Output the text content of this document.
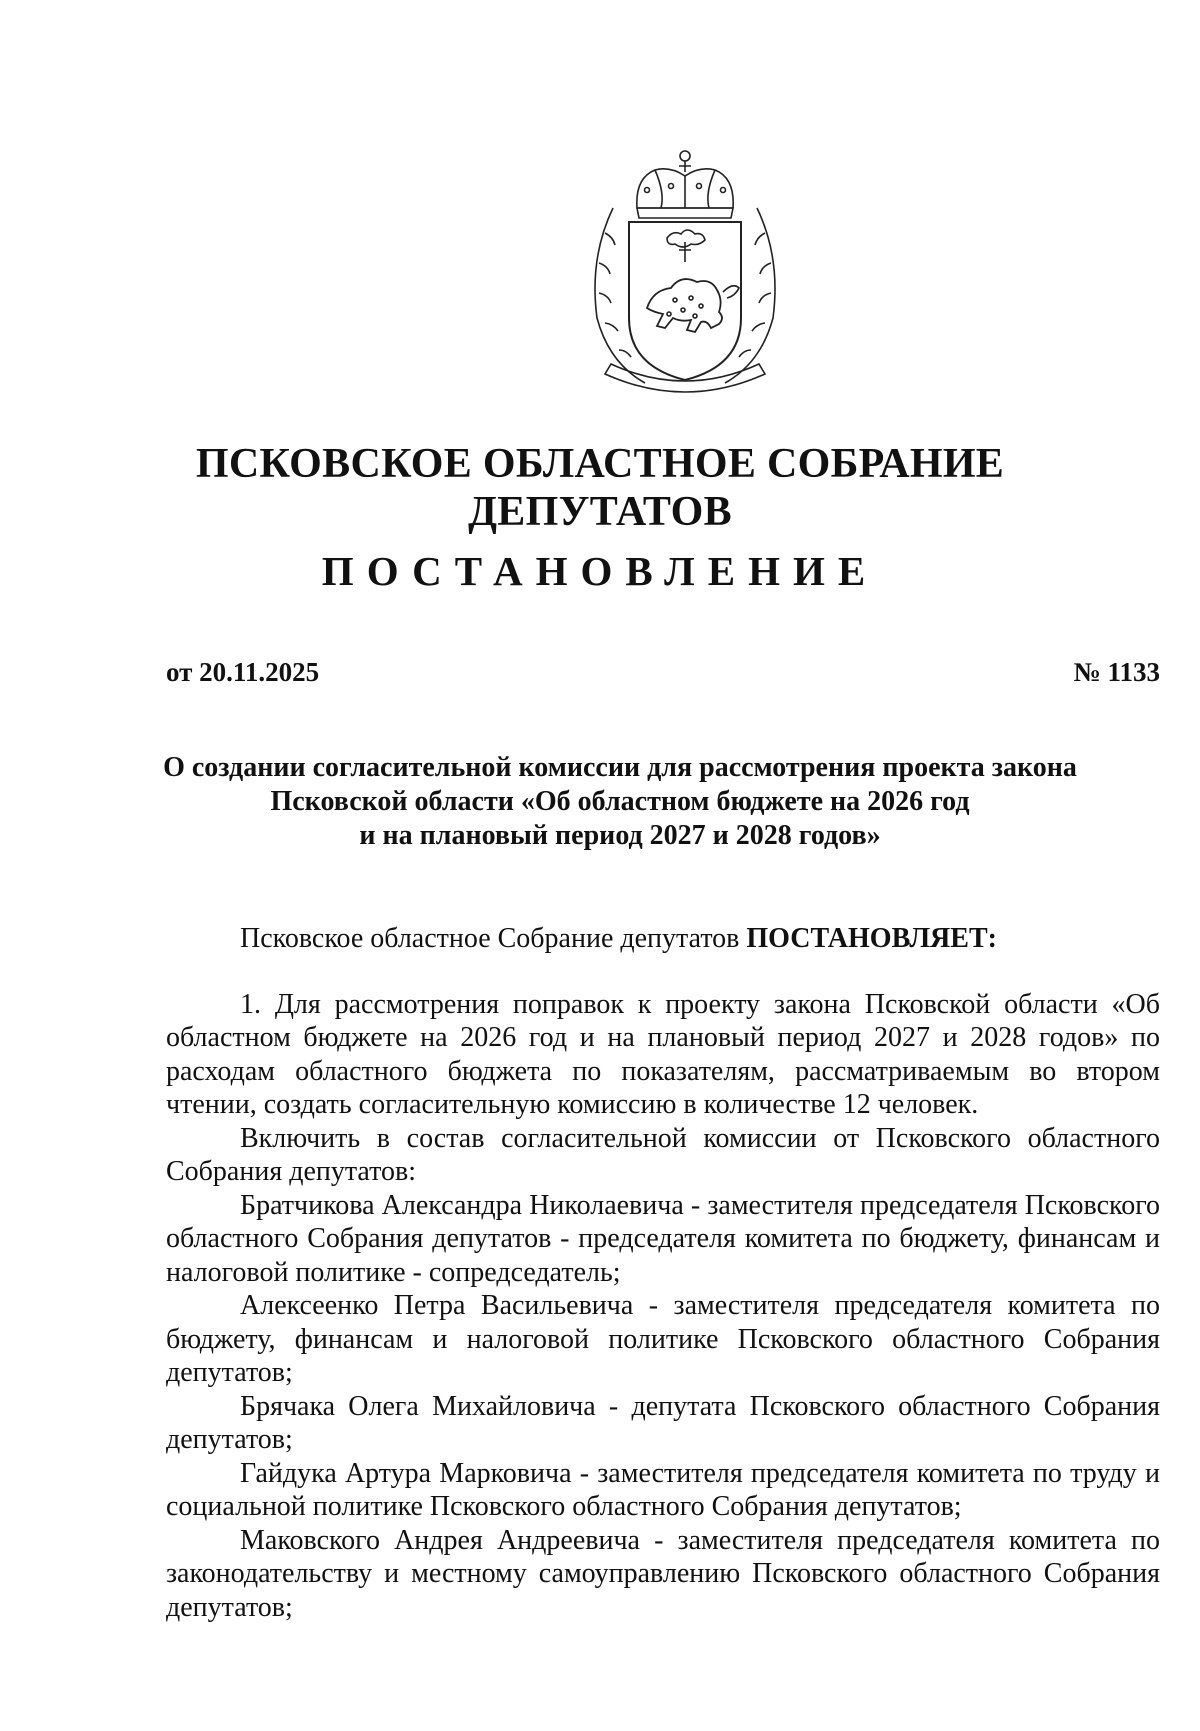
ПСКОВСКОЕ ОБЛАСТНОЕ СОБРАНИЕ ДЕПУТАТОВ
ПОСТАНОВЛЕНИЕ
от 20.11.2025	№ 1133
О создании согласительной комиссии для рассмотрения проекта закона
Псковской области «Об областном бюджете на 2026 год
и на плановый период 2027 и 2028 годов»

Псковское областное Собрание депутатов ПОСТАНОВЛЯЕТ:

1. Для рассмотрения поправок к проекту закона Псковской области «Об областном бюджете на 2026 год и на плановый период 2027 и 2028 годов» по расходам областного бюджета по показателям, рассматриваемым во втором чтении, создать согласительную комиссию в количестве 12 человек.

Включить в состав согласительной комиссии от Псковского областного Собрания депутатов:

Братчикова Александра Николаевича - заместителя председателя Псковского областного Собрания депутатов - председателя комитета по бюджету, финансам и налоговой политике - сопредседатель;

Алексеенко Петра Васильевича - заместителя председателя комитета по бюджету, финансам и налоговой политике Псковского областного Собрания депутатов;

Брячака Олега Михайловича - депутата Псковского областного Собрания депутатов;

Гайдука Артура Марковича - заместителя председателя комитета по труду и социальной политике Псковского областного Собрания депутатов;

Маковского Андрея Андреевича - заместителя председателя комитета по законодательству и местному самоуправлению Псковского областного Собрания депутатов;
